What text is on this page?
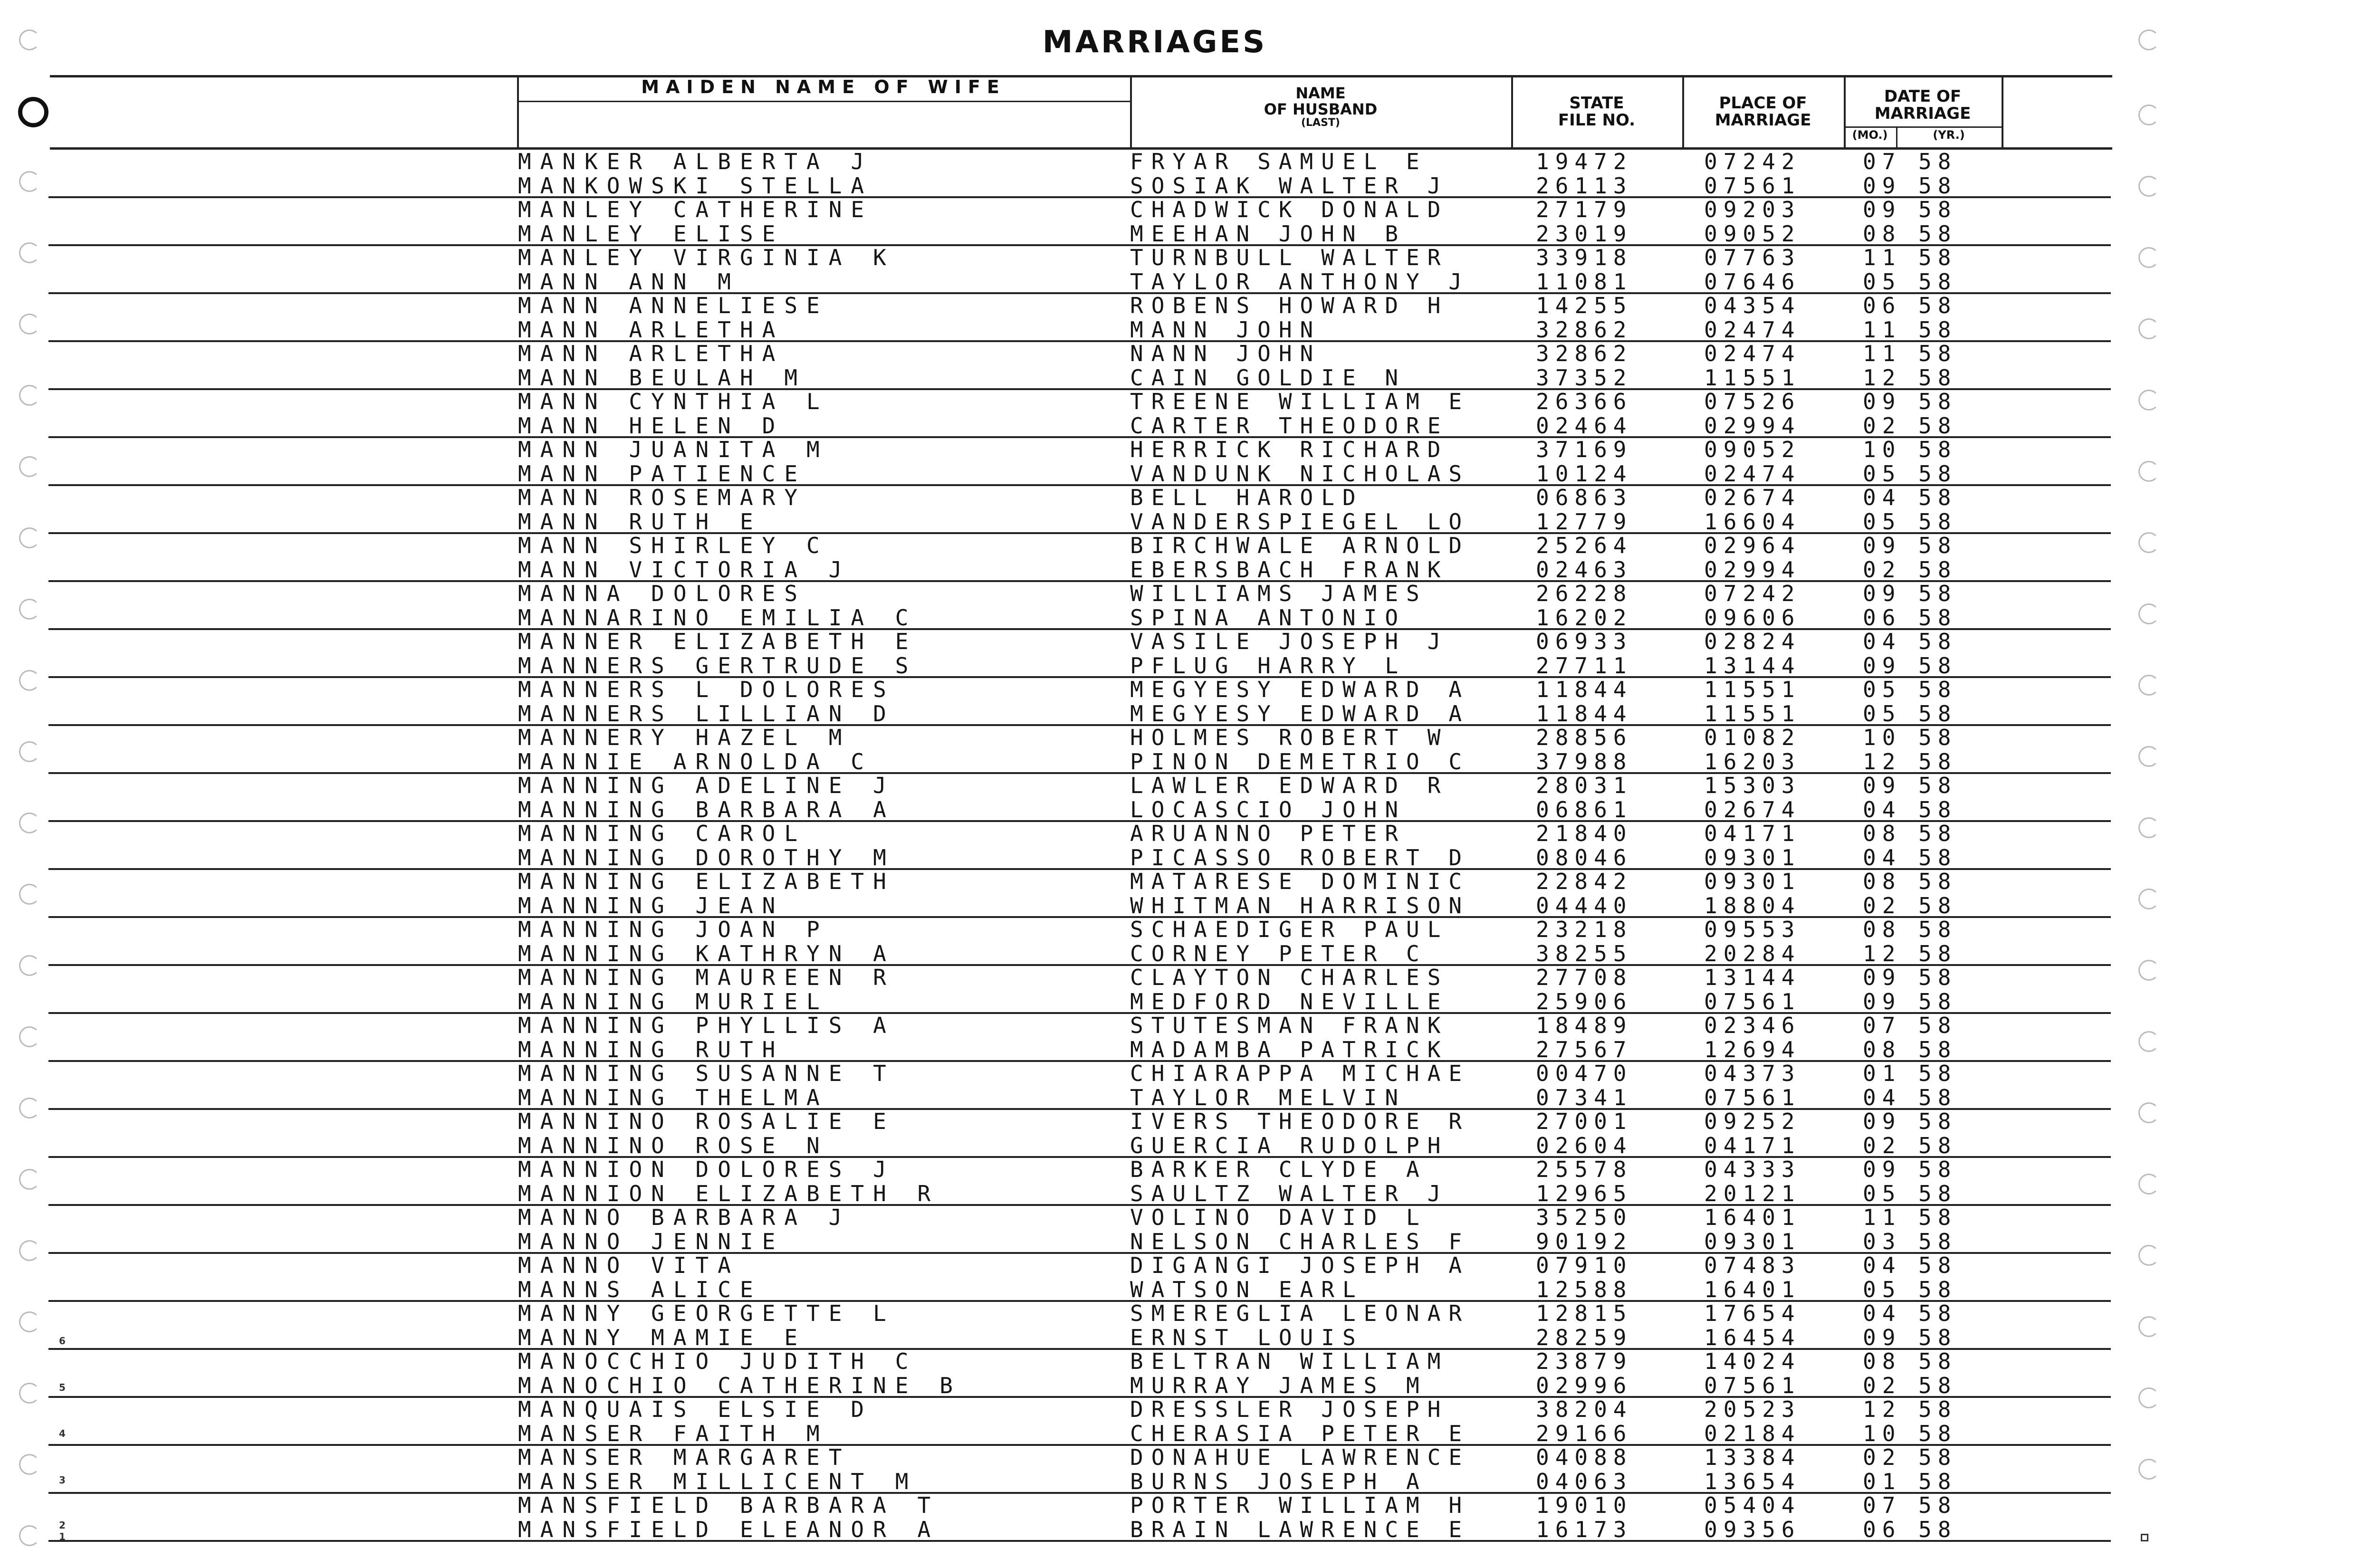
MARRIAGES
MAIDEN NAME OF WIFE	NAME
OF HUSBAND
(LAST)
STATE
FILE NO.
PLACE OF
MARRIAGE
DATE OF
MARRIAGE
(MO.)	(YR.)
MANKER ALBERTA J	FRYAR SAMUEL E	19472	07242	07 58
MANKOWSKI STELLA	SOSIAK WALTER J	26113	07561	09 58
MANLEY CATHERINE	CHADWICK DONALD	27179	09203	09 58
MANLEY ELISE	MEEHAN JOHN B	23019	09052	08 58
MANLEY VIRGINIA K	TURNBULL WALTER	33918	07763	11 58
MANN ANN M	TAYLOR ANTHONY J	11081	07646	05 58
MANN ANNELIESE	ROBENS HOWARD H	14255	04354	06 58
MANN ARLETHA	MANN JOHN	32862	02474	11 58
MANN ARLETHA	NANN JOHN	32862	02474	11 58
MANN BEULAH M	CAIN GOLDIE N	37352	11551	12 58
MANN CYNTHIA L	TREENE WILLIAM E	26366	07526	09 58
MANN HELEN D	CARTER THEODORE	02464	02994	02 58
MANN JUANITA M	HERRICK RICHARD	37169	09052	10 58
MANN PATIENCE	VANDUNK NICHOLAS	10124	02474	05 58
MANN ROSEMARY	BELL HAROLD	06863	02674	04 58
MANN RUTH E	VANDERSPIEGEL LO	12779	16604	05 58
MANN SHIRLEY C	BIRCHWALE ARNOLD	25264	02964	09 58
MANN VICTORIA J	EBERSBACH FRANK	02463	02994	02 58
MANNA DOLORES	WILLIAMS JAMES	26228	07242	09 58
MANNARINO EMILIA C	SPINA ANTONIO	16202	09606	06 58
MANNER ELIZABETH E	VASILE JOSEPH J	06933	02824	04 58
MANNERS GERTRUDE S	PFLUG HARRY L	27711	13144	09 58
MANNERS L DOLORES	MEGYESY EDWARD A	11844	11551	05 58
MANNERS LILLIAN D	MEGYESY EDWARD A	11844	11551	05 58
MANNERY HAZEL M	HOLMES ROBERT W	28856	01082	10 58
MANNIE ARNOLDA C	PINON DEMETRIO C	37988	16203	12 58
MANNING ADELINE J	LAWLER EDWARD R	28031	15303	09 58
MANNING BARBARA A	LOCASCIO JOHN	06861	02674	04 58
MANNING CAROL	ARUANNO PETER	21840	04171	08 58
MANNING DOROTHY M	PICASSO ROBERT D	08046	09301	04 58
MANNING ELIZABETH	MATARESE DOMINIC	22842	09301	08 58
MANNING JEAN	WHITMAN HARRISON	04440	18804	02 58
MANNING JOAN P	SCHAEDIGER PAUL	23218	09553	08 58
MANNING KATHRYN A	CORNEY PETER C	38255	20284	12 58
MANNING MAUREEN R	CLAYTON CHARLES	27708	13144	09 58
MANNING MURIEL	MEDFORD NEVILLE	25906	07561	09 58
MANNING PHYLLIS A	STUTESMAN FRANK	18489	02346	07 58
MANNING RUTH	MADAMBA PATRICK	27567	12694	08 58
MANNING SUSANNE T	CHIARAPPA MICHAE	00470	04373	01 58
MANNING THELMA	TAYLOR MELVIN	07341	07561	04 58
MANNINO ROSALIE E	IVERS THEODORE R	27001	09252	09 58
MANNINO ROSE N	GUERCIA RUDOLPH	02604	04171	02 58
MANNION DOLORES J	BARKER CLYDE A	25578	04333	09 58
MANNION ELIZABETH R	SAULTZ WALTER J	12965	20121	05 58
MANNO BARBARA J	VOLINO DAVID L	35250	16401	11 58
MANNO JENNIE	NELSON CHARLES F	90192	09301	03 58
MANNO VITA	DIGANGI JOSEPH A	07910	07483	04 58
MANNS ALICE	WATSON EARL	12588	16401	05 58
MANNY GEORGETTE L	SMEREGLIA LEONAR	12815	17654	04 58
MANNY MAMIE E	ERNST LOUIS	28259	16454	09 58
MANOCCHIO JUDITH C	BELTRAN WILLIAM	23879	14024	08 58
MANOCHIO CATHERINE B	MURRAY JAMES M	02996	07561	02 58
MANQUAIS ELSIE D	DRESSLER JOSEPH	38204	20523	12 58
MANSER FAITH M	CHERASIA PETER E	29166	02184	10 58
MANSER MARGARET	DONAHUE LAWRENCE	04088	13384	02 58
MANSER MILLICENT M	BURNS JOSEPH A	04063	13654	01 58
MANSFIELD BARBARA T	PORTER WILLIAM H	19010	05404	07 58
MANSFIELD ELEANOR A	BRAIN LAWRENCE E	16173	09356	06 58
6
5
4
3
2
1
